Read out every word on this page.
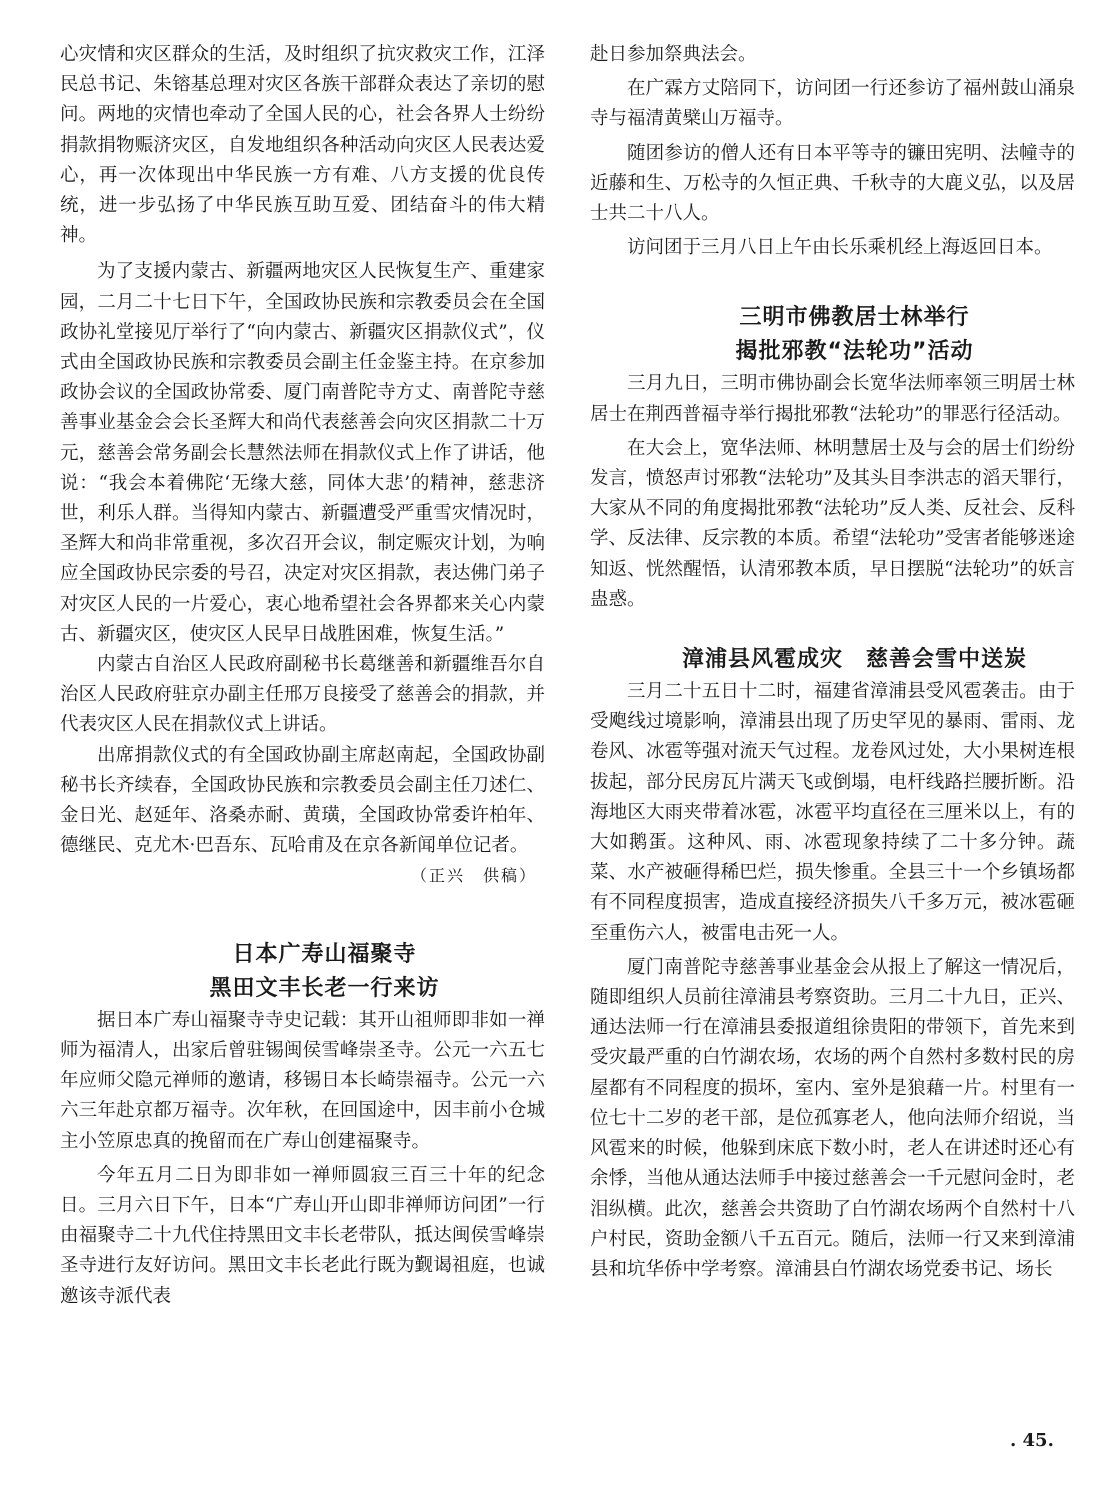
心灾情和灾区群众的生活，及时组织了抗灾救灾工作，江泽民总书记、朱镕基总理对灾区各族干部群众表达了亲切的慰问。两地的灾情也牵动了全国人民的心，社会各界人士纷纷捐款捐物赈济灾区，自发地组织各种活动向灾区人民表达爱心，再一次体现出中华民族一方有难、八方支援的优良传统，进一步弘扬了中华民族互助互爱、团结奋斗的伟大精神。

为了支援内蒙古、新疆两地灾区人民恢复生产、重建家园，二月二十七日下午，全国政协民族和宗教委员会在全国政协礼堂接见厅举行了“向内蒙古、新疆灾区捐款仪式”，仪式由全国政协民族和宗教委员会副主任金鉴主持。在京参加政协会议的全国政协常委、厦门南普陀寺方丈、南普陀寺慈善事业基金会会长圣辉大和尚代表慈善会向灾区捐款二十万元，慈善会常务副会长慧然法师在捐款仪式上作了讲话，他说：“我会本着佛陀‘无缘大慈，同体大悲’的精神，慈悲济世，利乐人群。当得知内蒙古、新疆遭受严重雪灾情况时，圣辉大和尚非常重视，多次召开会议，制定赈灾计划，为响应全国政协民宗委的号召，决定对灾区捐款，表达佛门弟子对灾区人民的一片爱心，衷心地希望社会各界都来关心内蒙古、新疆灾区，使灾区人民早日战胜困难，恢复生活。”

内蒙古自治区人民政府副秘书长葛继善和新疆维吾尔自治区人民政府驻京办副主任邢万良接受了慈善会的捐款，并代表灾区人民在捐款仪式上讲话。

出席捐款仪式的有全国政协副主席赵南起，全国政协副秘书长齐续春，全国政协民族和宗教委员会副主任刀述仁、金日光、赵延年、洛桑赤耐、黄璜，全国政协常委许柏年、德继民、克尤木·巴吾东、瓦哈甫及在京各新闻单位记者。

（正兴　供稿）

日本广寿山福聚寺

黑田文丰长老一行来访

据日本广寿山福聚寺寺史记载：其开山祖师即非如一禅师为福清人，出家后曾驻锡闽侯雪峰崇圣寺。公元一六五七年应师父隐元禅师的邀请，移锡日本长崎崇福寺。公元一六六三年赴京都万福寺。次年秋，在回国途中，因丰前小仓城主小笠原忠真的挽留而在广寿山创建福聚寺。

今年五月二日为即非如一禅师圆寂三百三十年的纪念日。三月六日下午，日本“广寿山开山即非禅师访问团”一行由福聚寺二十九代住持黑田文丰长老带队，抵达闽侯雪峰崇圣寺进行友好访问。黑田文丰长老此行既为觐谒祖庭，也诚邀该寺派代表

赴日参加祭典法会。

在广霖方丈陪同下，访问团一行还参访了福州鼓山涌泉寺与福清黄檗山万福寺。

随团参访的僧人还有日本平等寺的镰田宪明、法幢寺的近藤和生、万松寺的久恒正典、千秋寺的大鹿义弘，以及居士共二十八人。

访问团于三月八日上午由长乐乘机经上海返回日本。

三明市佛教居士林举行

揭批邪教“法轮功”活动

三月九日，三明市佛协副会长宽华法师率领三明居士林居士在荆西普福寺举行揭批邪教“法轮功”的罪恶行径活动。

在大会上，宽华法师、林明慧居士及与会的居士们纷纷发言，愤怒声讨邪教“法轮功”及其头目李洪志的滔天罪行，大家从不同的角度揭批邪教“法轮功”反人类、反社会、反科学、反法律、反宗教的本质。希望“法轮功”受害者能够迷途知返、恍然醒悟，认清邪教本质，早日摆脱“法轮功”的妖言蛊惑。

漳浦县风雹成灾　慈善会雪中送炭

三月二十五日十二时，福建省漳浦县受风雹袭击。由于受飑线过境影响，漳浦县出现了历史罕见的暴雨、雷雨、龙卷风、冰雹等强对流天气过程。龙卷风过处，大小果树连根拔起，部分民房瓦片满天飞或倒塌，电杆线路拦腰折断。沿海地区大雨夹带着冰雹，冰雹平均直径在三厘米以上，有的大如鹅蛋。这种风、雨、冰雹现象持续了二十多分钟。蔬菜、水产被砸得稀巴烂，损失惨重。全县三十一个乡镇场都有不同程度损害，造成直接经济损失八千多万元，被冰雹砸至重伤六人，被雷电击死一人。

厦门南普陀寺慈善事业基金会从报上了解这一情况后，随即组织人员前往漳浦县考察资助。三月二十九日，正兴、通达法师一行在漳浦县委报道组徐贵阳的带领下，首先来到受灾最严重的白竹湖农场，农场的两个自然村多数村民的房屋都有不同程度的损坏，室内、室外是狼藉一片。村里有一位七十二岁的老干部，是位孤寡老人，他向法师介绍说，当风雹来的时候，他躲到床底下数小时，老人在讲述时还心有余悸，当他从通达法师手中接过慈善会一千元慰问金时，老泪纵横。此次，慈善会共资助了白竹湖农场两个自然村十八户村民，资助金额八千五百元。随后，法师一行又来到漳浦县和坑华侨中学考察。漳浦县白竹湖农场党委书记、场长

. 45.
